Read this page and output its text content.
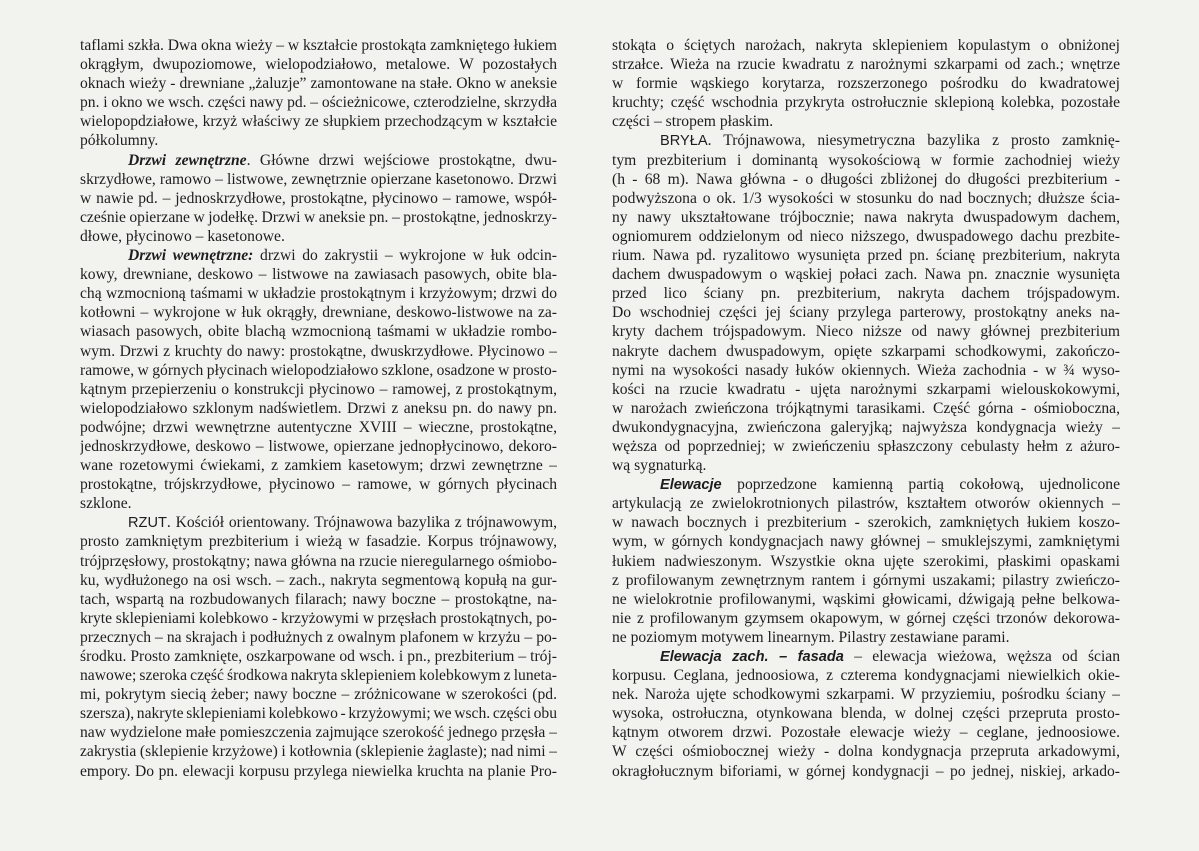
taflami szkła. Dwa okna wieży – w kształcie prostokąta zamkniętego łukiem
okrągłym, dwupoziomowe, wielopodziałowo, metalowe. W pozostałych
oknach wieży - drewniane „żaluzje” zamontowane na stałe. Okno w aneksie
pn. i okno we wsch. części nawy pd. – ościeżnicowe, czterodzielne, skrzydła
wielopopdziałowe, krzyż właściwy ze słupkiem przechodzącym w kształcie
półkolumny.
Drzwi zewnętrzne. Główne drzwi wejściowe prostokątne, dwu-
skrzydłowe, ramowo – listwowe, zewnętrznie opierzane kasetonowo. Drzwi
w nawie pd. – jednoskrzydłowe, prostokątne, płycinowo – ramowe, współ-
cześnie opierzane w jodełkę. Drzwi w aneksie pn. – prostokątne, jednoskrzy-
dłowe, płycinowo – kasetonowe.
Drzwi wewnętrzne: drzwi do zakrystii – wykrojone w łuk odcin-
kowy, drewniane, deskowo – listwowe na zawiasach pasowych, obite bla-
chą wzmocnioną taśmami w układzie prostokątnym i krzyżowym; drzwi do
kotłowni – wykrojone w łuk okrągły, drewniane, deskowo-listwowe na za-
wiasach pasowych, obite blachą wzmocnioną taśmami w układzie rombo-
wym. Drzwi z kruchty do nawy: prostokątne, dwuskrzydłowe. Płycinowo –
ramowe, w górnych płycinach wielopodziałowo szklone, osadzone w prosto-
kątnym przepierzeniu o konstrukcji płycinowo – ramowej, z prostokątnym,
wielopodziałowo szklonym nadświetlem. Drzwi z aneksu pn. do nawy pn.
podwójne; drzwi wewnętrzne autentyczne XVIII – wieczne, prostokątne,
jednoskrzydłowe, deskowo – listwowe, opierzane jednopłycinowo, dekoro-
wane rozetowymi ćwiekami, z zamkiem kasetowym; drzwi zewnętrzne –
prostokątne, trójskrzydłowe, płycinowo – ramowe, w górnych płycinach
szklone.
RZUT. Kościół orientowany. Trójnawowa bazylika z trójnawowym,
prosto zamkniętym prezbiterium i wieżą w fasadzie. Korpus trójnawowy,
trójprzęsłowy, prostokątny; nawa główna na rzucie nieregularnego ośmiobo-
ku, wydłużonego na osi wsch. – zach., nakryta segmentową kopułą na gur-
tach, wspartą na rozbudowanych filarach; nawy boczne – prostokątne, na-
kryte sklepieniami kolebkowo - krzyżowymi w przęsłach prostokątnych, po-
przecznych – na skrajach i podłużnych z owalnym plafonem w krzyżu – po-
środku. Prosto zamknięte, oszkarpowane od wsch. i pn., prezbiterium – trój-
nawowe; szeroka część środkowa nakryta sklepieniem kolebkowym z luneta-
mi, pokrytym siecią żeber; nawy boczne – zróżnicowane w szerokości (pd.
szersza), nakryte sklepieniami kolebkowo - krzyżowymi; we wsch. części obu
naw wydzielone małe pomieszczenia zajmujące szerokość jednego przęsła –
zakrystia (sklepienie krzyżowe) i kotłownia (sklepienie żaglaste); nad nimi –
empory. Do pn. elewacji korpusu przylega niewielka kruchta na planie Pro-
stokąta o ściętych narożach, nakryta sklepieniem kopulastym o obniżonej
strzałce. Wieża na rzucie kwadratu z narożnymi szkarpami od zach.; wnętrze
w formie wąskiego korytarza, rozszerzonego pośrodku do kwadratowej
kruchty; część wschodnia przykryta ostrołucznie sklepioną kolebka, pozostałe
części – stropem płaskim.
BRYŁA. Trójnawowa, niesymetryczna bazylika z prosto zamknię-
tym prezbiterium i dominantą wysokościową w formie zachodniej wieży
(h - 68 m). Nawa główna - o długości zbliżonej do długości prezbiterium -
podwyższona o ok. 1/3 wysokości w stosunku do nad bocznych; dłuższe ścia-
ny nawy ukształtowane trójbocznie; nawa nakryta dwuspadowym dachem,
ogniomurem oddzielonym od nieco niższego, dwuspadowego dachu prezbite-
rium. Nawa pd. ryzalitowo wysunięta przed pn. ścianę prezbiterium, nakryta
dachem dwuspadowym o wąskiej połaci zach. Nawa pn. znacznie wysunięta
przed lico ściany pn. prezbiterium, nakryta dachem trójspadowym.
Do wschodniej części jej ściany przylega parterowy, prostokątny aneks na-
kryty dachem trójspadowym. Nieco niższe od nawy głównej prezbiterium
nakryte dachem dwuspadowym, opięte szkarpami schodkowymi, zakończo-
nymi na wysokości nasady łuków okiennych. Wieża zachodnia - w ¾ wyso-
kości na rzucie kwadratu - ujęta narożnymi szkarpami wielouskokowymi,
w narożach zwieńczona trójkątnymi tarasikami. Część górna - ośmioboczna,
dwukondygnacyjna, zwieńczona galeryjką; najwyższa kondygnacja wieży –
węższa od poprzedniej; w zwieńczeniu spłaszczony cebulasty hełm z ażuro-
wą sygnaturką.
Elewacje poprzedzone kamienną partią cokołową, ujednolicone
artykulacją ze zwielokrotnionych pilastrów, kształtem otworów okiennych –
w nawach bocznych i prezbiterium - szerokich, zamkniętych łukiem koszo-
wym, w górnych kondygnacjach nawy głównej – smuklejszymi, zamkniętymi
łukiem nadwieszonym. Wszystkie okna ujęte szerokimi, płaskimi opaskami
z profilowanym zewnętrznym rantem i górnymi uszakami; pilastry zwieńczo-
ne wielokrotnie profilowanymi, wąskimi głowicami, dźwigają pełne belkowa-
nie z profilowanym gzymsem okapowym, w górnej części trzonów dekorowa-
ne poziomym motywem linearnym. Pilastry zestawiane parami.
Elewacja zach. – fasada – elewacja wieżowa, węższa od ścian
korpusu. Ceglana, jednoosiowa, z czterema kondygnacjami niewielkich okie-
nek. Naroża ujęte schodkowymi szkarpami. W przyziemiu, pośrodku ściany –
wysoka, ostrołuczna, otynkowana blenda, w dolnej części przepruta prosto-
kątnym otworem drzwi. Pozostałe elewacje wieży – ceglane, jednoosiowe.
W części ośmiobocznej wieży - dolna kondygnacja przepruta arkadowymi,
okragłołucznym biforiami, w górnej kondygnacji – po jednej, niskiej, arkado-
